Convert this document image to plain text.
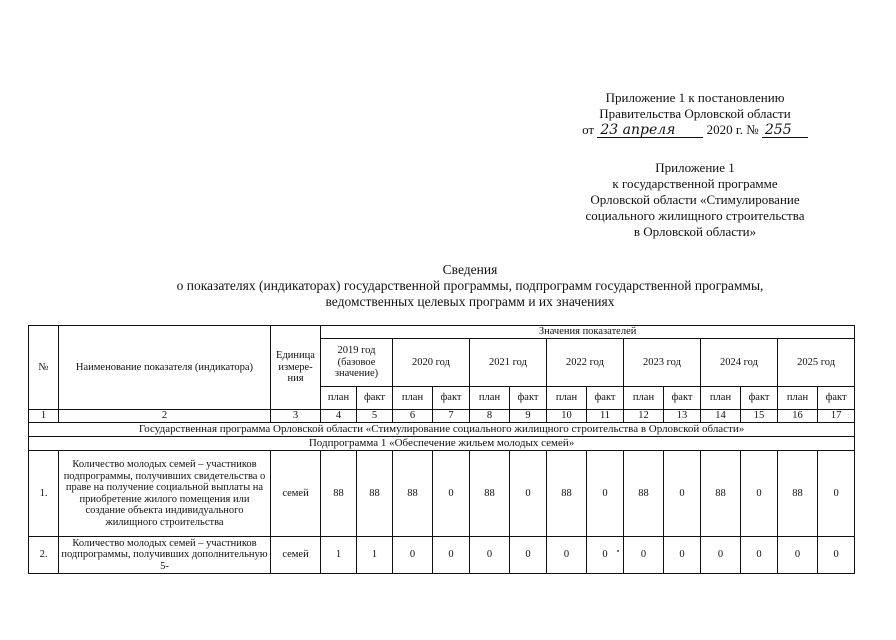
Приложение 1 к постановлению
Правительства Орловской области
от 23 апреля 2020 г. № 255
Приложение 1
к государственной программе
Орловской области «Стимулирование
социального жилищного строительства
в Орловской области»
Сведения
о показателях (индикаторах) государственной программы, подпрограмм государственной программы,
ведомственных целевых программ и их значениях
№	Наименование показателя (индикатора)	Единица измере-ния	Значения показателей													
			2019 год (базовое значение)		2020 год		2021 год		2022 год		2023 год		2024 год		2025 год	
			план	факт	план	факт	план	факт	план	факт	план	факт	план	факт	план	факт
1	2	3	4	5	6	7	8	9	10	11	12	13	14	15	16	17
Государственная программа Орловской области «Стимулирование социального жилищного строительства в Орловской области»																
Подпрограмма 1 «Обеспечение жильем молодых семей»																
1.	Количество молодых семей – участников подпрограммы, получивших свидетельства о праве на получение социальной выплаты на приобретение жилого помещения или создание объекта индивидуального жилищного строительства	семей	88	88	88	0	88	0	88	0	88	0	88	0	88	0
2.	Количество молодых семей – участников подпрограммы, получивших дополнительную 5-	семей	1	1	0	0	0	0	0	0	0	0	0	0	0	0
